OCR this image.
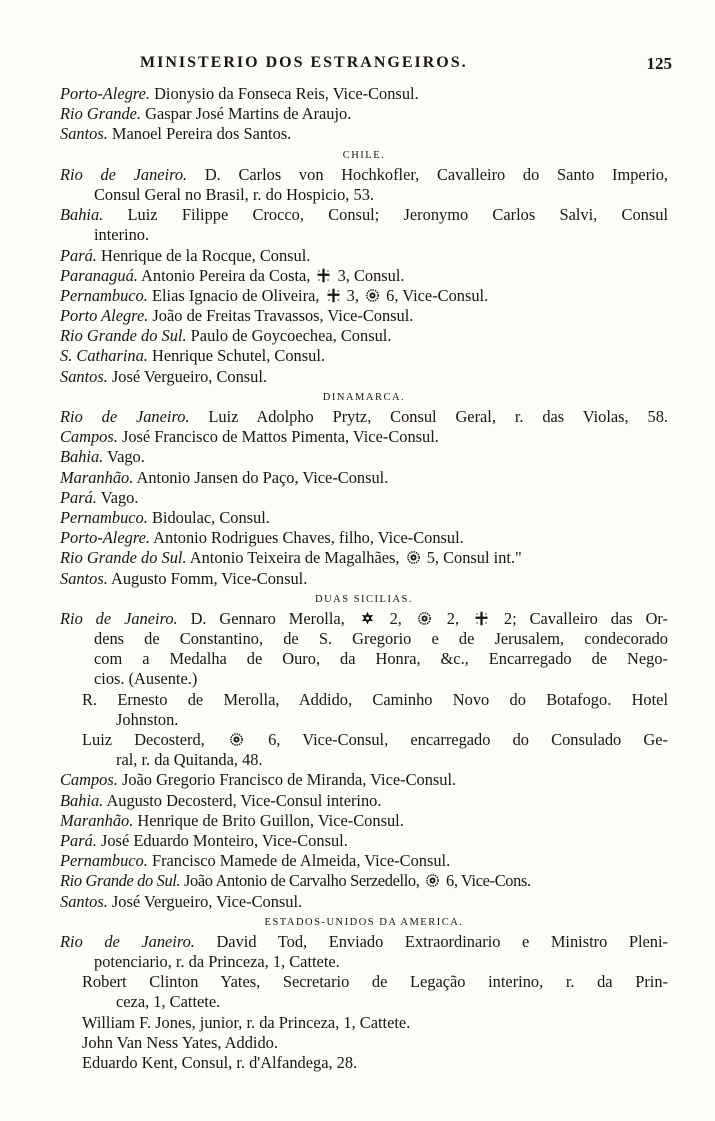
MINISTERIO DOS ESTRANGEIROS.	125
Porto-Alegre. Dionysio da Fonseca Reis, Vice-Consul.
Rio Grande. Gaspar José Martins de Araujo.
Santos. Manoel Pereira dos Santos.
CHILE.
Rio de Janeiro. D. Carlos von Hochkofler, Cavalleiro do Santo Imperio,
Consul Geral no Brasil, r. do Hospicio, 53.
Bahia. Luiz Filippe Crocco, Consul; Jeronymo Carlos Salvi, Consul
interino.
Pará. Henrique de la Rocque, Consul.
Paranaguá. Antonio Pereira da Costa,  3, Consul.
Pernambuco. Elias Ignacio de Oliveira,  3,  6, Vice-Consul.
Porto Alegre. João de Freitas Travassos, Vice-Consul.
Rio Grande do Sul. Paulo de Goycoechea, Consul.
S. Catharina. Henrique Schutel, Consul.
Santos. José Vergueiro, Consul.
DINAMARCA.
Rio de Janeiro. Luiz Adolpho Prytz, Consul Geral, r. das Violas, 58.
Campos. José Francisco de Mattos Pimenta, Vice-Consul.
Bahia. Vago.
Maranhão. Antonio Jansen do Paço, Vice-Consul.
Pará. Vago.
Pernambuco. Bidoulac, Consul.
Porto-Alegre. Antonio Rodrigues Chaves, filho, Vice-Consul.
Rio Grande do Sul. Antonio Teixeira de Magalhães,  5, Consul int."
Santos. Augusto Fomm, Vice-Consul.
DUAS SICILIAS.
Rio de Janeiro. D. Gennaro Merolla,  2,  2,  2; Cavalleiro das Or-
dens de Constantino, de S. Gregorio e de Jerusalem, condecorado
com a Medalha de Ouro, da Honra, &c., Encarregado de Nego-
cios. (Ausente.)
R. Ernesto de Merolla, Addido, Caminho Novo do Botafogo. Hotel
Johnston.
Luiz Decosterd,  6, Vice-Consul, encarregado do Consulado Ge-
ral, r. da Quitanda, 48.
Campos. João Gregorio Francisco de Miranda, Vice-Consul.
Bahia. Augusto Decosterd, Vice-Consul interino.
Maranhão. Henrique de Brito Guillon, Vice-Consul.
Pará. José Eduardo Monteiro, Vice-Consul.
Pernambuco. Francisco Mamede de Almeida, Vice-Consul.
Rio Grande do Sul. João Antonio de Carvalho Serzedello,  6, Vice-Cons.
Santos. José Vergueiro, Vice-Consul.
ESTADOS-UNIDOS DA AMERICA.
Rio de Janeiro. David Tod, Enviado Extraordinario e Ministro Pleni-
potenciario, r. da Princeza, 1, Cattete.
Robert Clinton Yates, Secretario de Legação interino, r. da Prin-
ceza, 1, Cattete.
William F. Jones, junior, r. da Princeza, 1, Cattete.
John Van Ness Yates, Addido.
Eduardo Kent, Consul, r. d'Alfandega, 28.
